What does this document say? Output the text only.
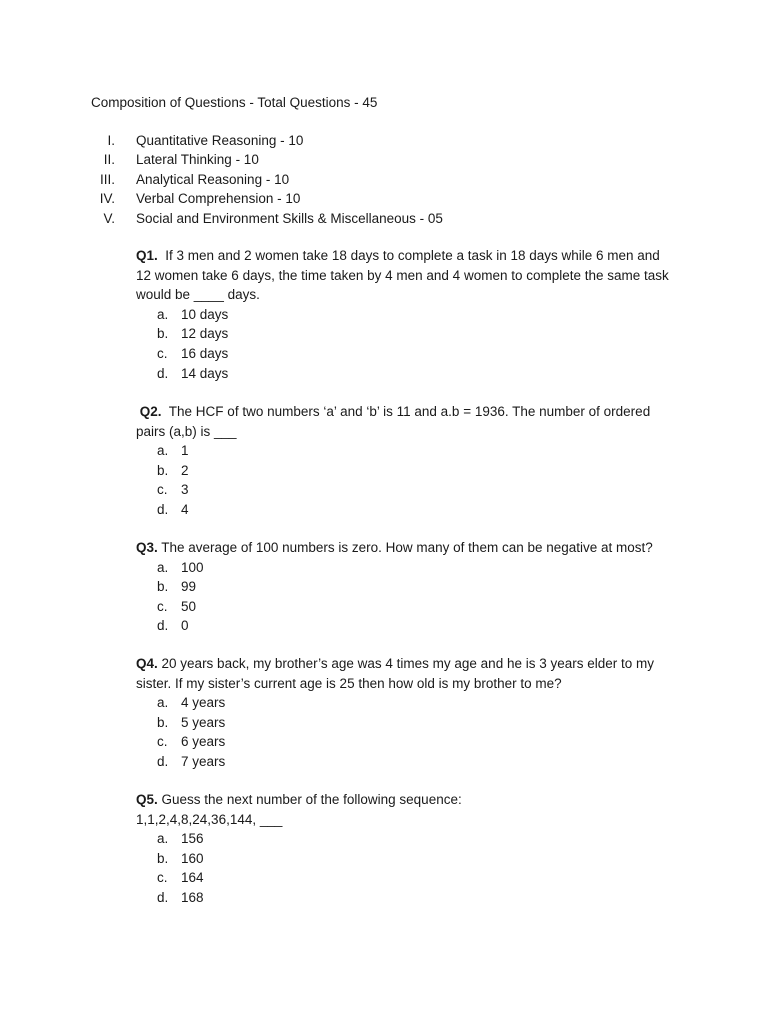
Composition of Questions - Total Questions - 45
I. Quantitative Reasoning - 10
II. Lateral Thinking - 10
III. Analytical Reasoning - 10
IV. Verbal Comprehension - 10
V. Social and Environment Skills & Miscellaneous - 05

Q1. If 3 men and 2 women take 18 days to complete a task in 18 days while 6 men and 12 women take 6 days, the time taken by 4 men and 4 women to complete the same task would be ____ days.

a. 10 days
b. 12 days
c. 16 days
d. 14 days

Q2. The HCF of two numbers ‘a’ and ‘b’ is 11 and a.b = 1936. The number of ordered pairs (a,b) is ___

a. 1
b. 2
c. 3
d. 4

Q3. The average of 100 numbers is zero. How many of them can be negative at most?

a. 100
b. 99
c. 50
d. 0

Q4. 20 years back, my brother’s age was 4 times my age and he is 3 years elder to my sister. If my sister’s current age is 25 then how old is my brother to me?

a. 4 years
b. 5 years
c. 6 years
d. 7 years

Q5. Guess the next number of the following sequence:

1,1,2,4,8,24,36,144, ___

a. 156
b. 160
c. 164
d. 168
